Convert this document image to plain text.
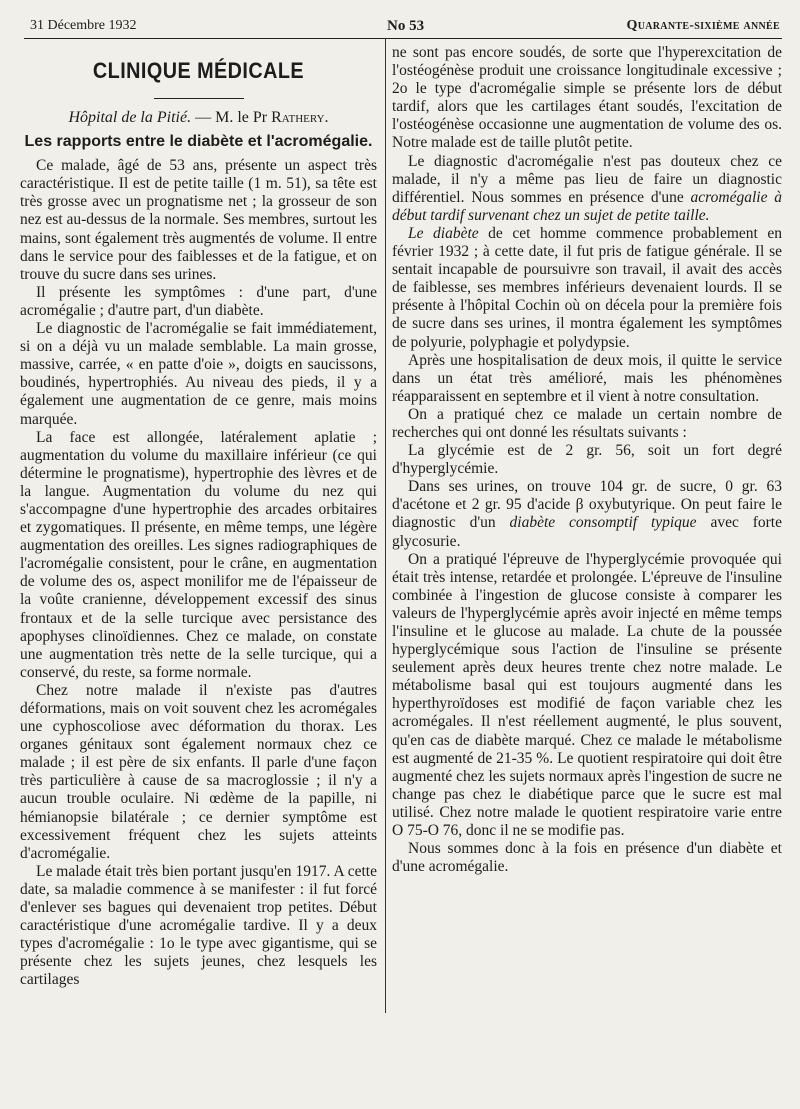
31 Décembre 1932	No 53	Quarante-sixième année
CLINIQUE MÉDICALE
Hôpital de la Pitié. — M. le Pr Rathery.
Les rapports entre le diabète et l'acromégalie.

Ce malade, âgé de 53 ans, présente un aspect très caractéristique. Il est de petite taille (1 m. 51), sa tête est très grosse avec un prognatisme net ; la grosseur de son nez est au-dessus de la normale. Ses membres, surtout les mains, sont également très augmentés de volume. Il entre dans le service pour des faiblesses et de la fatigue, et on trouve du sucre dans ses urines.

Il présente les symptômes : d'une part, d'une acromégalie ; d'autre part, d'un diabète.

Le diagnostic de l'acromégalie se fait immédiatement, si on a déjà vu un malade semblable. La main grosse, massive, carrée, « en patte d'oie », doigts en saucissons, boudinés, hypertrophiés. Au niveau des pieds, il y a également une augmentation de ce genre, mais moins marquée.

La face est allongée, latéralement aplatie ; augmentation du volume du maxillaire inférieur (ce qui détermine le prognatisme), hypertrophie des lèvres et de la langue. Augmentation du volume du nez qui s'accompagne d'une hypertrophie des arcades orbitaires et zygomatiques. Il présente, en même temps, une légère augmentation des oreilles. Les signes radiographiques de l'acromégalie consistent, pour le crâne, en augmentation de volume des os, aspect monilifor me de l'épaisseur de la voûte cranienne, développement excessif des sinus frontaux et de la selle turcique avec persistance des apophyses clinoïdiennes. Chez ce malade, on constate une augmentation très nette de la selle turcique, qui a conservé, du reste, sa forme normale.

Chez notre malade il n'existe pas d'autres déformations, mais on voit souvent chez les acromégales une cyphoscoliose avec déformation du thorax. Les organes génitaux sont également normaux chez ce malade ; il est père de six enfants. Il parle d'une façon très particulière à cause de sa macroglossie ; il n'y a aucun trouble oculaire. Ni œdème de la papille, ni hémianopsie bilatérale ; ce dernier symptôme est excessivement fréquent chez les sujets atteints d'acromégalie.

Le malade était très bien portant jusqu'en 1917. A cette date, sa maladie commence à se manifester : il fut forcé d'enlever ses bagues qui devenaient trop petites. Début caractéristique d'une acromégalie tardive. Il y a deux types d'acromégalie : 1o le type avec gigantisme, qui se présente chez les sujets jeunes, chez lesquels les cartilages

ne sont pas encore soudés, de sorte que l'hyperexcitation de l'ostéogénèse produit une croissance longitudinale excessive ; 2o le type d'acromégalie simple se présente lors de début tardif, alors que les cartilages étant soudés, l'excitation de l'ostéogénèse occasionne une augmentation de volume des os. Notre malade est de taille plutôt petite.

Le diagnostic d'acromégalie n'est pas douteux chez ce malade, il n'y a même pas lieu de faire un diagnostic différentiel. Nous sommes en présence d'une acromégalie à début tardif survenant chez un sujet de petite taille.

Le diabète de cet homme commence probablement en février 1932 ; à cette date, il fut pris de fatigue générale. Il se sentait incapable de poursuivre son travail, il avait des accès de faiblesse, ses membres inférieurs devenaient lourds. Il se présente à l'hôpital Cochin où on décela pour la première fois de sucre dans ses urines, il montra également les symptômes de polyurie, polyphagie et polydypsie.

Après une hospitalisation de deux mois, il quitte le service dans un état très amélioré, mais les phénomènes réapparaissent en septembre et il vient à notre consultation.

On a pratiqué chez ce malade un certain nombre de recherches qui ont donné les résultats suivants :

La glycémie est de 2 gr. 56, soit un fort degré d'hyperglycémie.

Dans ses urines, on trouve 104 gr. de sucre, 0 gr. 63 d'acétone et 2 gr. 95 d'acide β oxybutyrique. On peut faire le diagnostic d'un diabète consomptif typique avec forte glycosurie.

On a pratiqué l'épreuve de l'hyperglycémie provoquée qui était très intense, retardée et prolongée. L'épreuve de l'insuline combinée à l'ingestion de glucose consiste à comparer les valeurs de l'hyperglycémie après avoir injecté en même temps l'insuline et le glucose au malade. La chute de la poussée hyperglycémique sous l'action de l'insuline se présente seulement après deux heures trente chez notre malade. Le métabolisme basal qui est toujours augmenté dans les hyperthyroïdoses est modifié de façon variable chez les acromégales. Il n'est réellement augmenté, le plus souvent, qu'en cas de diabète marqué. Chez ce malade le métabolisme est augmenté de 21-35 %. Le quotient respiratoire qui doit être augmenté chez les sujets normaux après l'ingestion de sucre ne change pas chez le diabétique parce que le sucre est mal utilisé. Chez notre malade le quotient respiratoire varie entre O 75-O 76, donc il ne se modifie pas.

Nous sommes donc à la fois en présence d'un diabète et d'une acromégalie.
